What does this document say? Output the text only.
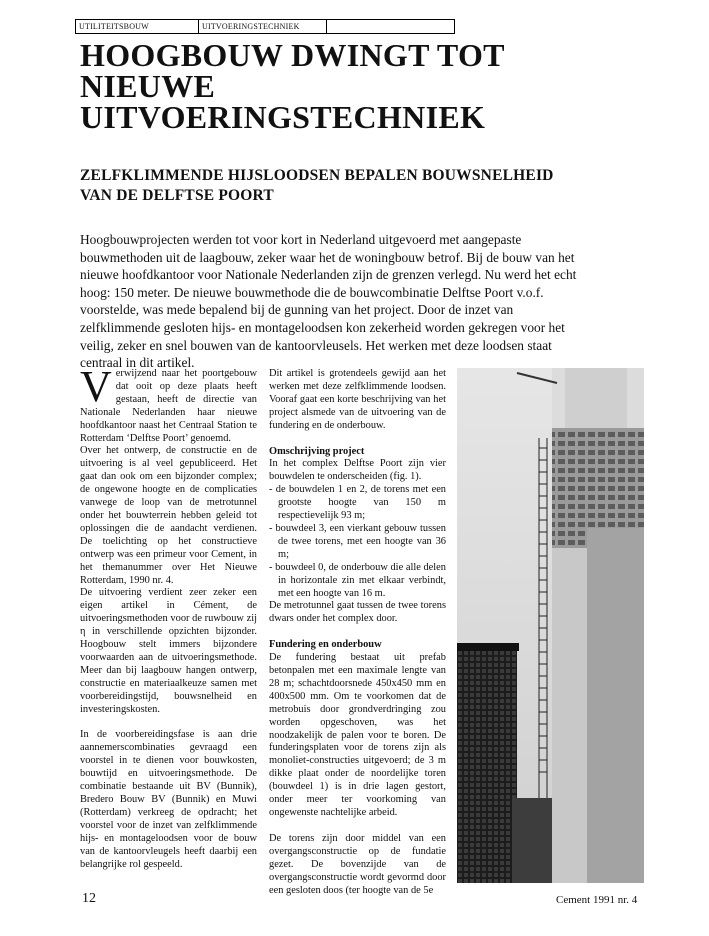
UTILITEITSBOUW	UITVOERINGSTECHNIEK
HOOGBOUW DWINGT TOT NIEUWE UITVOERINGSTECHNIEK
ZELFKLIMMENDE HIJSLOODSEN BEPALEN BOUWSNELHEID VAN DE DELFTSE POORT

Hoogbouwprojecten werden tot voor kort in Nederland uitgevoerd met aangepaste bouwmethoden uit de laagbouw, zeker waar het de woningbouw betrof. Bij de bouw van het nieuwe hoofdkantoor voor Nationale Nederlanden zijn de grenzen verlegd. Nu werd het echt hoog: 150 meter. De nieuwe bouwmethode die de bouwcombinatie Delftse Poort v.o.f. voorstelde, was mede bepalend bij de gunning van het project. Door de inzet van zelfklimmende gesloten hijs- en montageloodsen kon zekerheid worden gekregen voor het veilig, zeker en snel bouwen van de kantoorvleusels. Het werken met deze loodsen staat centraal in dit artikel.

V erwijzend naar het poortgebouw dat ooit op deze plaats heeft gestaan, heeft de directie van Nationale Nederlanden haar nieuwe hoofdkantoor naast het Centraal Station te Rotterdam ‘Delftse Poort’ genoemd.

Over het ontwerp, de constructie en de uitvoering is al veel gepubliceerd. Het gaat dan ook om een bijzonder complex; de ongewone hoogte en de complicaties vanwege de loop van de metrotunnel onder het bouwterrein hebben geleid tot oplossingen die de aandacht verdienen. De toelichting op het constructieve ontwerp was een primeur voor Cement, in het themanummer over Het Nieuwe Rotterdam, 1990 nr. 4.

De uitvoering verdient zeer zeker een eigen artikel in Cément, de uitvoeringsmethoden voor de ruwbouw zij η in verschillende opzichten bijzonder. Hoogbouw stelt immers bijzondere voorwaarden aan de uitvoeringsmethode. Meer dan bij laagbouw hangen ontwerp, constructie en materiaalkeuze samen met voorbereidingstijd, bouwsnelheid en investeringskosten.

In de voorbereidingsfase is aan drie aannemerscombinaties gevraagd een voorstel in te dienen voor bouwkosten, bouwtijd en uitvoeringsmethode. De combinatie bestaande uit BV (Bunnik), Bredero Bouw BV (Bunnik) en Muwi (Rotterdam) verkreeg de opdracht; het voorstel voor de inzet van zelfklimmende hijs- en montageloodsen voor de bouw van de kantoorvleugels heeft daarbij een belangrijke rol gespeeld.

Dit artikel is grotendeels gewijd aan het werken met deze zelfklimmende loodsen. Vooraf gaat een korte beschrijving van het project alsmede van de uitvoering van de fundering en de onderbouw.

Omschrijving project

In het complex Delftse Poort zijn vier bouwdelen te onderscheiden (fig. 1).

- de bouwdelen 1 en 2, de torens met een grootste hoogte van 150 m respectievelijk 93 m;

- bouwdeel 3, een vierkant gebouw tussen de twee torens, met een hoogte van 36 m;

- bouwdeel 0, de onderbouw die alle delen in horizontale zin met elkaar verbindt, met een hoogte van 16 m.

De metrotunnel gaat tussen de twee torens dwars onder het complex door.

Fundering en onderbouw

De fundering bestaat uit prefab betonpalen met een maximale lengte van 28 m; schachtdoorsnede 450x450 mm en 400x500 mm. Om te voorkomen dat de metrobuis door grondverdringing zou worden opgeschoven, was het noodzakelijk de palen voor te boren. De funderingsplaten voor de torens zijn als monoliet-constructies uitgevoerd; de 3 m dikke plaat onder de noordelijke toren (bouwdeel 1) is in drie lagen gestort, onder meer ter voorkoming van ongewenste nachtelijke arbeid.

De torens zijn door middel van een overgangsconstructie op de fundatie gezet. De bovenzijde van de overgangsconstructie wordt gevormd door een gesloten doos (ter hoogte van de 5e

12	Cement 1991 nr. 4
